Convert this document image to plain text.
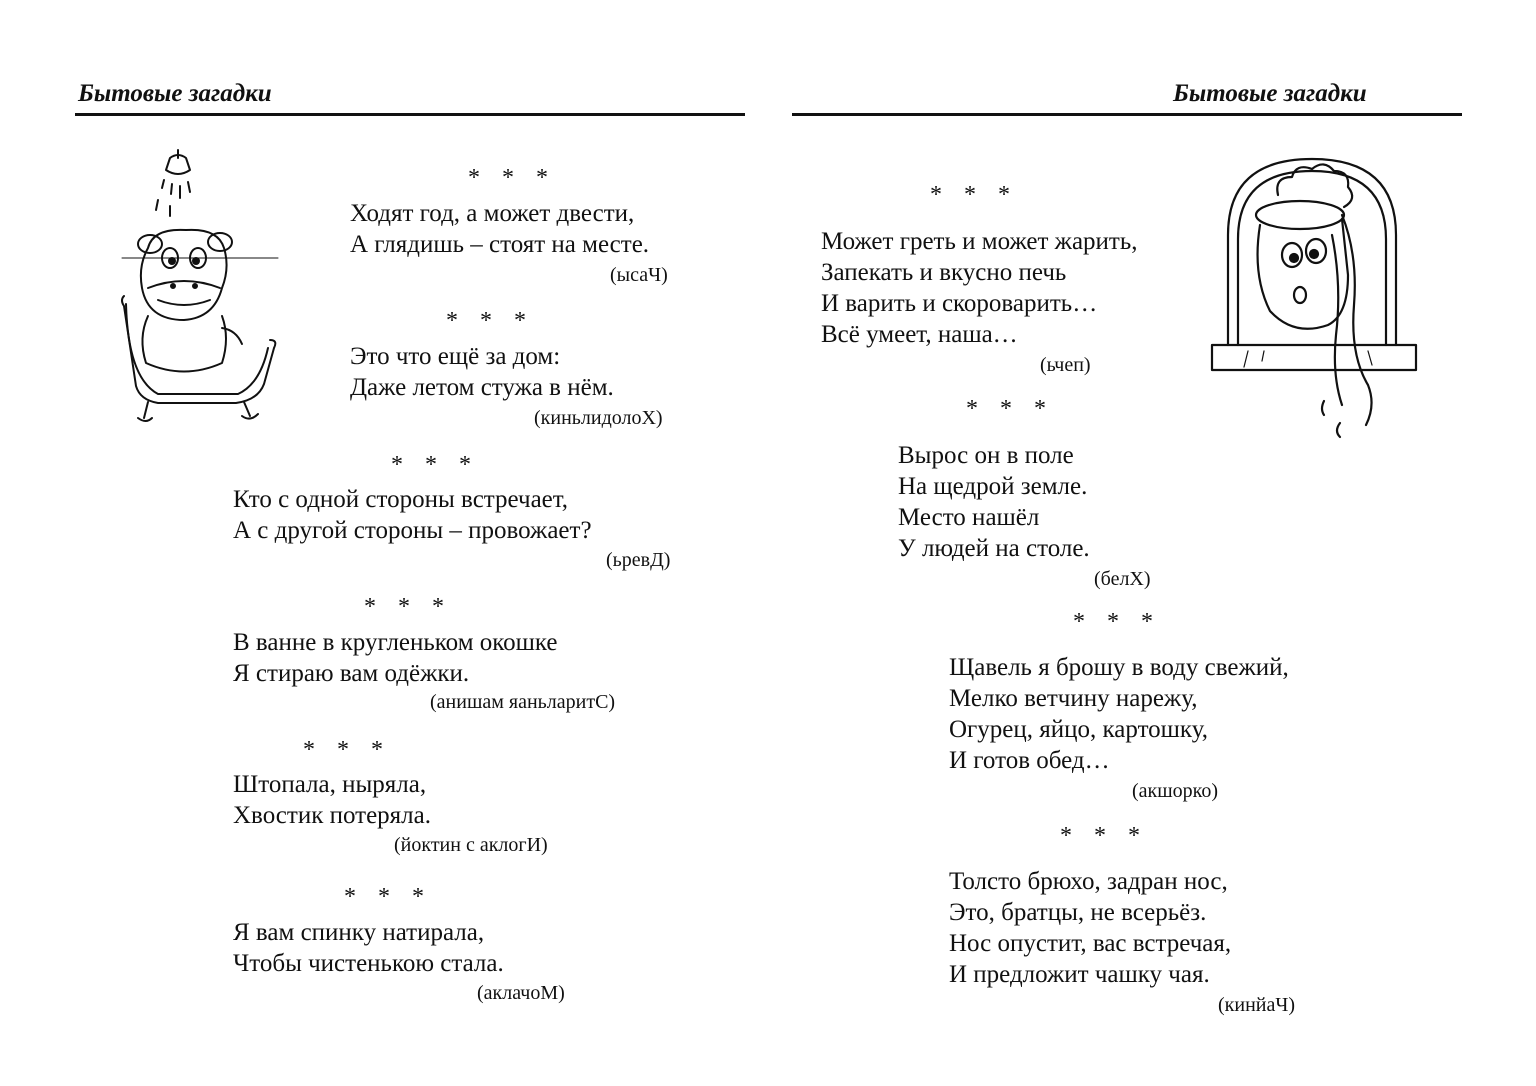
Бытовые загадки
* * *
Ходят год, а может двести,
А глядишь – стоят на месте.
(ысаЧ)
* * *
Это что ещё за дом:
Даже летом стужа в нём.
(киньлидолоХ)
* * *
Кто с одной стороны встречает,
А с другой стороны – провожает?
(ьревД)
* * *
В ванне в кругленьком окошке
Я стираю вам одёжки.
(анишам яаньларитС)
* * *
Штопала, ныряла,
Хвостик потеряла.
(йоктин с аклогИ)
* * *
Я вам спинку натирала,
Чтобы чистенькою стала.
(аклачоМ)
Бытовые загадки
* * *
Может греть и может жарить,
Запекать и вкусно печь
И варить и скороварить…
Всё умеет, наша…
(ьчеп)
* * *
Вырос он в поле
На щедрой земле.
Место нашёл
У людей на столе.
(белХ)
* * *
Щавель я брошу в воду свежий,
Мелко ветчину нарежу,
Огурец, яйцо, картошку,
И готов обед…
(акшорко)
* * *
Толсто брюхо, задран нос,
Это, братцы, не всерьёз.
Нос опустит, вас встречая,
И предложит чашку чая.
(кинйаЧ)
